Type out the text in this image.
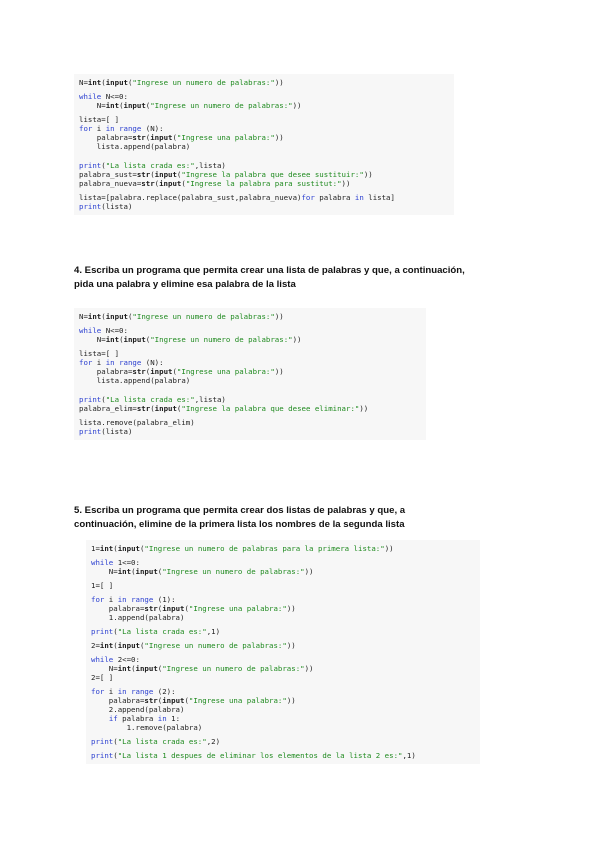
N=int(input("Ingrese un numero de palabras:"))
while N<=0:
N=int(input("Ingrese un numero de palabras:"))
lista=[ ]
for i in range (N):
palabra=str(input("Ingrese una palabra:"))
lista.append(palabra)
print("La lista crada es:",lista)
palabra_sust=str(input("Ingrese la palabra que desee sustituir:"))
palabra_nueva=str(input("Ingrese la palabra para sustitut:"))
lista=[palabra.replace(palabra_sust,palabra_nueva)for palabra in lista]
print(lista)
4. Escriba un programa que permita crear una lista de palabras y que, a continuación,
pida una palabra y elimine esa palabra de la lista
N=int(input("Ingrese un numero de palabras:"))
while N<=0:
N=int(input("Ingrese un numero de palabras:"))
lista=[ ]
for i in range (N):
palabra=str(input("Ingrese una palabra:"))
lista.append(palabra)
print("La lista crada es:",lista)
palabra_elim=str(input("Ingrese la palabra que desee eliminar:"))
lista.remove(palabra_elim)
print(lista)
5. Escriba un programa que permita crear dos listas de palabras y que, a
continuación, elimine de la primera lista los nombres de la segunda lista
1=int(input("Ingrese un numero de palabras para la primera lista:"))
while 1<=0:
N=int(input("Ingrese un numero de palabras:"))
1=[ ]
for i in range (1):
palabra=str(input("Ingrese una palabra:"))
1.append(palabra)
print("La lista crada es:",1)
2=int(input("Ingrese un numero de palabras:"))
while 2<=0:
N=int(input("Ingrese un numero de palabras:"))
2=[ ]
for i in range (2):
palabra=str(input("Ingrese una palabra:"))
2.append(palabra)
if palabra in 1:
1.remove(palabra)
print("La lista crada es:",2)
print("La lista 1 despues de eliminar los elementos de la lista 2 es:",1)
